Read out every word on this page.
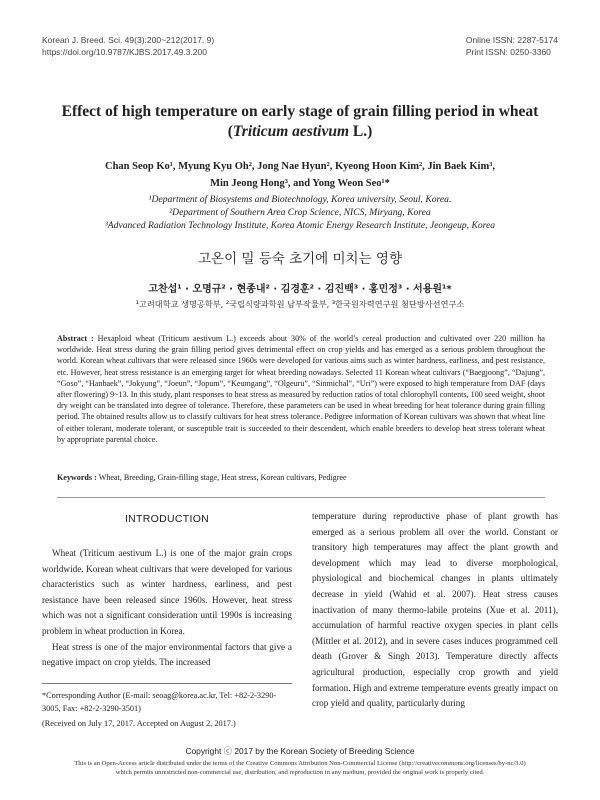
Korean J. Breed. Sci. 49(3):200~212(2017. 9)
https://doi.org/10.9787/KJBS.2017.49.3.200
Online ISSN: 2287-5174
Print ISSN: 0250-3360
Effect of high temperature on early stage of grain filling period in wheat
(Triticum aestivum L.)
Chan Seop Ko¹, Myung Kyu Oh², Jong Nae Hyun², Kyeong Hoon Kim², Jin Baek Kim³,
Min Jeong Hong³, and Yong Weon Seo¹*
¹Department of Biosystems and Biotechnology, Korea university, Seoul, Korea.
²Department of Southern Area Crop Science, NICS, Miryang, Korea
³Advanced Radiation Technology Institute, Korea Atomic Energy Research Institute, Jeongeup, Korea
고온이 밀 등숙 초기에 미치는 영향
고찬섭¹ · 오명규² · 현종내² · 김경훈² · 김진백³ · 홍민정³ · 서용원¹*
¹고려대학교 생명공학부, ²국립식량과학원 남부작물부, ³한국원자력연구원 첨단방사선연구소
Abstract : Hexaploid wheat (Triticum aestivum L.) exceeds about 30% of the world’s cereal production and cultivated over 220 million ha worldwide. Heat stress during the grain filling period gives detrimental effect on crop yields and has emerged as a serious problem throughout the world. Korean wheat cultivars that were released since 1960s were developed for various aims such as winter hardness, earliness, and pest resistance, etc. However, heat stress resistance is an emerging target for wheat breeding nowadays. Selected 11 Korean wheat cultivars (“Baegjoong”, “Dajung”, “Goso”, “Hanbaek”, “Jokyung”, “Joeun”, “Jopum”, “Keumgang”, “Olgeuru”, “Sinmichal”, “Uri”) were exposed to high temperature from DAF (days after flowering) 9~13. In this study, plant responses to heat stress as measured by reduction ratios of total chlorophyll contents, 100 seed weight, shoot dry weight can be translated into degree of tolerance. Therefore, these parameters can be used in wheat breeding for heat tolerance during grain filling period. The obtained results allow us to classify cultivars for heat stress tolerance. Pedigree information of Korean cultivars was shown that wheat line of either tolerant, moderate tolerant, or susceptible trait is succeeded to their descendent, which enable breeders to develop heat stress tolerant wheat by appropriate parental choice.
Keywords : Wheat, Breeding, Grain-filling stage, Heat stress, Korean cultivars, Pedigree
INTRODUCTION

Wheat (Triticum aestivum L.) is one of the major grain crops worldwide. Korean wheat cultivars that were developed for various characteristics such as winter hardness, earliness, and pest resistance have been released since 1960s. However, heat stress which was not a significant consideration until 1990s is increasing problem in wheat production in Korea.

Heat stress is one of the major environmental factors that give a negative impact on crop yields. The increased

temperature during reproductive phase of plant growth has emerged as a serious problem all over the world. Constant or transitory high temperatures may affect the plant growth and development which may lead to diverse morphological, physiological and biochemical changes in plants ultimately decrease in yield (Wahid et al. 2007). Heat stress causes inactivation of many thermo-labile proteins (Xue et al. 2011), accumulation of harmful reactive oxygen species in plant cells (Mittler et al. 2012), and in severe cases induces programmed cell death (Grover & Singh 2013). Temperature directly affects agricultural production, especially crop growth and yield formation. High and extreme temperature events greatly impact on crop yield and quality, particularly during

*Corresponding Author (E-mail: seoag@korea.ac.kr, Tel: +82-2-3290-3005, Fax: +82-2-3290-3501)
(Received on July 17, 2017. Accepted on August 2, 2017.)
Copyright ⓒ 2017 by the Korean Society of Breeding Science
This is an Open-Access article distributed under the terms of the Creative Commons Attribution Non-Commercial License (http://creativecommons.org/licenses/by-nc/3.0)
which permits unrestricted non-commercial use, distribution, and reproduction in any medium, provided the original work is properly cited.
